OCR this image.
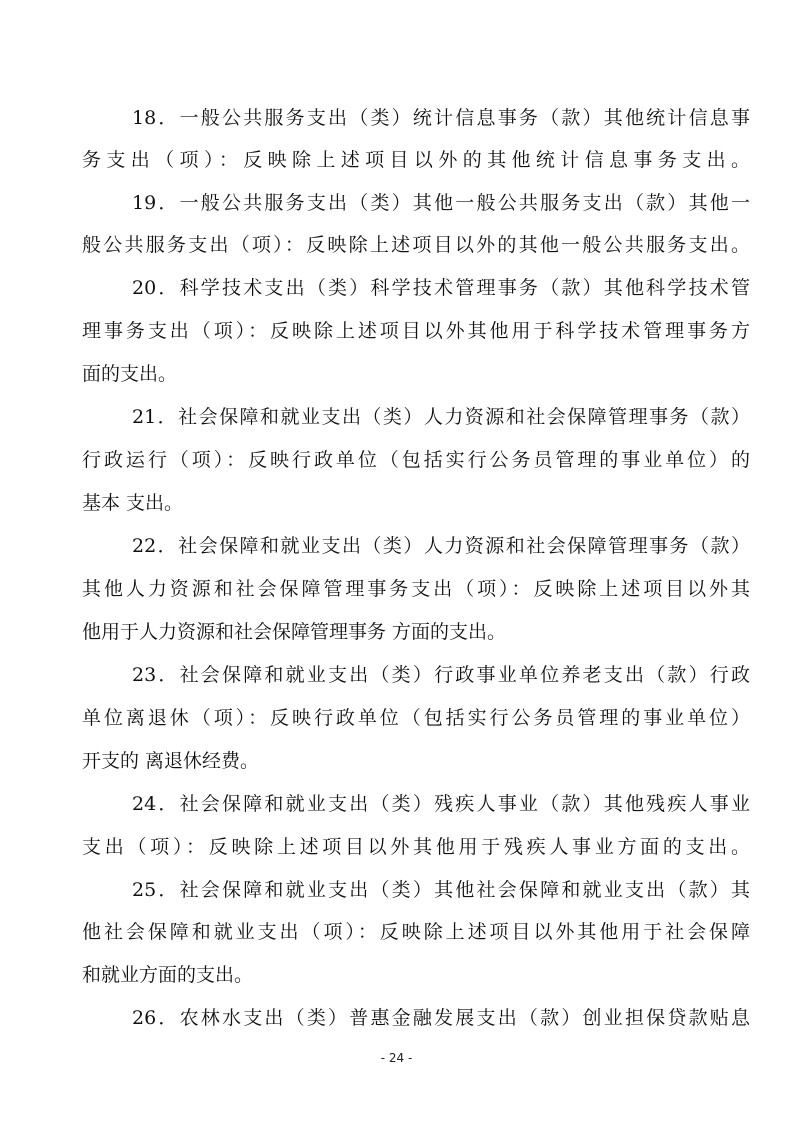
18．一般公共服务支出（类）统计信息事务（款）其他统计信息事
务支出（项）：反映除上述项目以外的其他统计信息事务支出。
19．一般公共服务支出（类）其他一般公共服务支出（款）其他一
般公共服务支出（项）：反映除上述项目以外的其他一般公共服务支出。
20．科学技术支出（类）科学技术管理事务（款）其他科学技术管
理事务支出（项）：反映除上述项目以外其他用于科学技术管理事务方
面的支出。
21．社会保障和就业支出（类）人力资源和社会保障管理事务（款）
行政运行（项）：反映行政单位（包括实行公务员管理的事业单位）的
基本 支出。
22．社会保障和就业支出（类）人力资源和社会保障管理事务（款）
其他人力资源和社会保障管理事务支出（项）：反映除上述项目以外其
他用于人力资源和社会保障管理事务 方面的支出。
23．社会保障和就业支出（类）行政事业单位养老支出（款）行政
单位离退休（项）：反映行政单位（包括实行公务员管理的事业单位）
开支的 离退休经费。
24．社会保障和就业支出（类）残疾人事业（款）其他残疾人事业
支出（项）：反映除上述项目以外其他用于残疾人事业方面的支出。
25．社会保障和就业支出（类）其他社会保障和就业支出（款）其
他社会保障和就业支出（项）：反映除上述项目以外其他用于社会保障
和就业方面的支出。
26．农林水支出（类）普惠金融发展支出（款）创业担保贷款贴息
- 24 -
